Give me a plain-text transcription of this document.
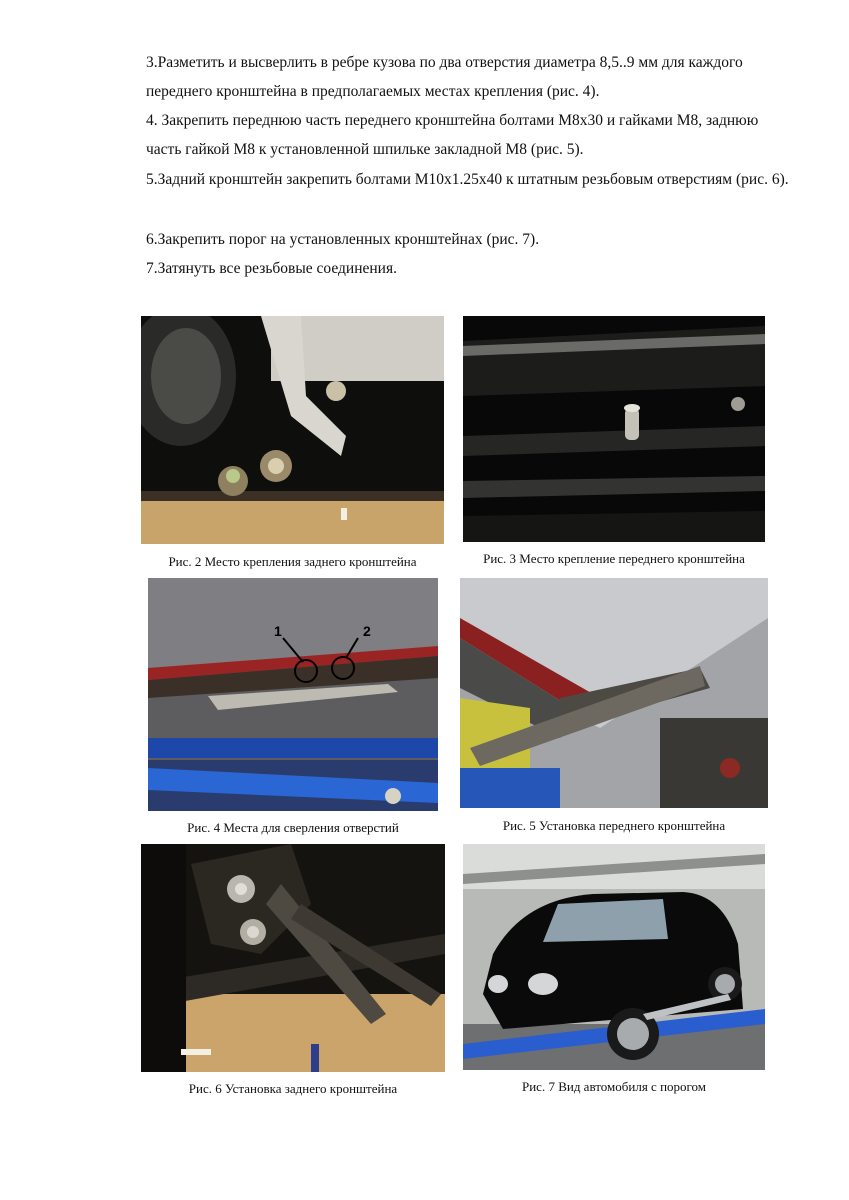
3.Разметить и высверлить в ребре кузова по два отверстия диаметра 8,5..9 мм для каждого переднего кронштейна в предполагаемых местах крепления (рис. 4).

4. Закрепить переднюю часть переднего кронштейна болтами М8х30 и гайками М8, заднюю часть гайкой М8 к установленной шпильке закладной М8 (рис. 5).

5.Задний кронштейн закрепить болтами М10х1.25х40 к штатным резьбовым отверстиям (рис. 6).

6.Закрепить порог на установленных кронштейнах (рис. 7).

7.Затянуть все резьбовые соединения.

Рис. 2 Место крепления заднего кронштейна	Рис. 3 Место крепление переднего кронштейна
1	2
Рис. 4 Места для сверления отверстий	Рис. 5 Установка переднего кронштейна
Рис. 6 Установка заднего кронштейна	Рис. 7 Вид автомобиля с порогом
